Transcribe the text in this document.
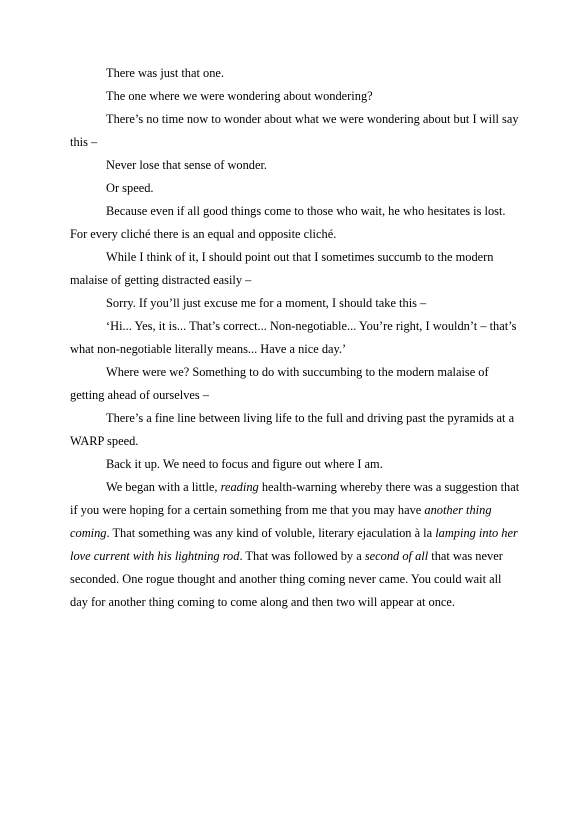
There was just that one.

The one where we were wondering about wondering?

There’s no time now to wonder about what we were wondering about but I will say this –

Never lose that sense of wonder.

Or speed.

Because even if all good things come to those who wait, he who hesitates is lost. For every cliché there is an equal and opposite cliché.

While I think of it, I should point out that I sometimes succumb to the modern malaise of getting distracted easily –

Sorry. If you’ll just excuse me for a moment, I should take this –

‘Hi... Yes, it is... That’s correct... Non-negotiable... You’re right, I wouldn’t – that’s what non-negotiable literally means... Have a nice day.’

Where were we? Something to do with succumbing to the modern malaise of getting ahead of ourselves –

There’s a fine line between living life to the full and driving past the pyramids at a WARP speed.

Back it up. We need to focus and figure out where I am.

We began with a little, reading health-warning whereby there was a suggestion that if you were hoping for a certain something from me that you may have another thing coming. That something was any kind of voluble, literary ejaculation à la lamping into her love current with his lightning rod. That was followed by a second of all that was never seconded. One rogue thought and another thing coming never came. You could wait all day for another thing coming to come along and then two will appear at once.
